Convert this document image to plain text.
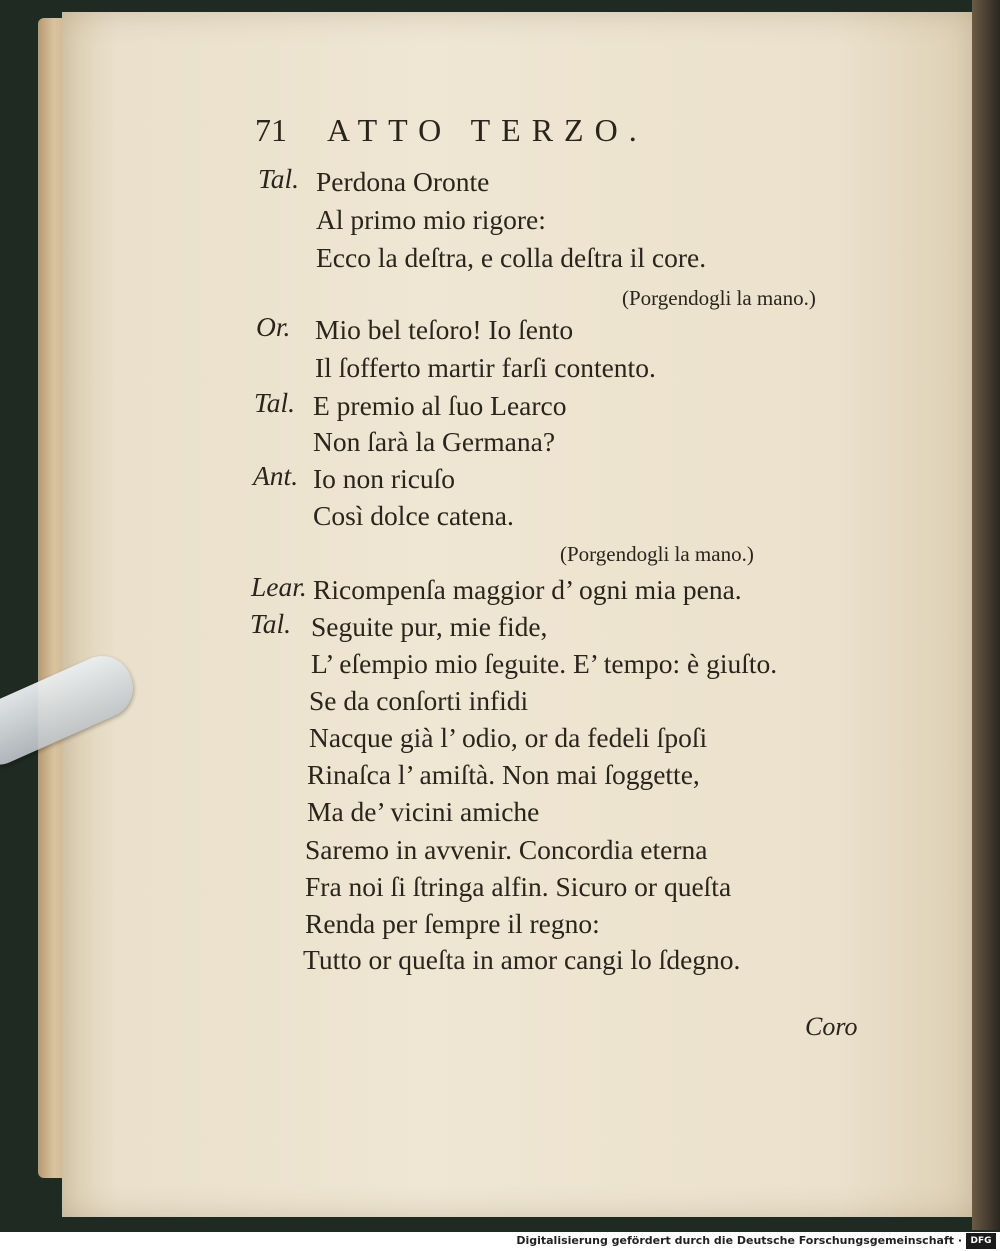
71 ATTO TERZO.
Tal. Perdona Oronte
Al primo mio rigore:
Ecco la deſtra, e colla deſtra il core.
(Porgendogli la mano.)
Or. Mio bel teſoro! Io ſento
Il ſofferto martir farſi contento.
Tal. E premio al ſuo Learco
Non ſarà la Germana?
Ant. Io non ricuſo
Così dolce catena.
(Porgendogli la mano.)
Lear. Ricompenſa maggior d’ ogni mia pena.
Tal. Seguite pur, mie fide,
L’ eſempio mio ſeguite. E’ tempo: è giuſto.
Se da conſorti infidi
Nacque già l’ odio, or da fedeli ſpoſi
Rinaſca l’ amiſtà. Non mai ſoggette,
Ma de’ vicini amiche
Saremo in avvenir. Concordia eterna
Fra noi ſi ſtringa alfin. Sicuro or queſta
Renda per ſempre il regno:
Tutto or queſta in amor cangi lo ſdegno.
Coro
Digitalisierung gefördert durch die Deutsche Forschungsgemeinschaft · DFG
